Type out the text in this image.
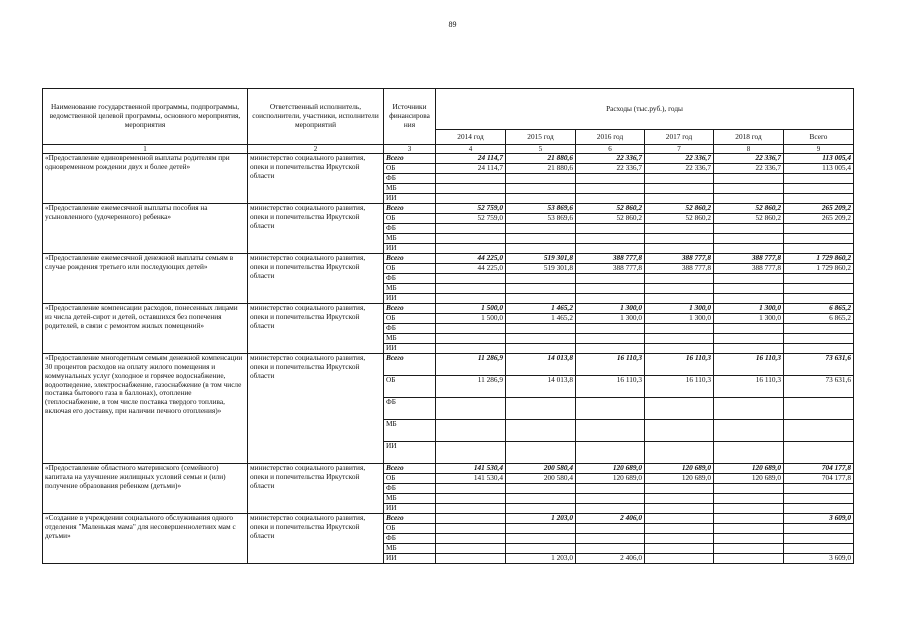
89
Наименование государственной программы, подпрограммы, ведомственной целевой программы, основного мероприятия, мероприятия	Ответственный исполнитель, соисполнители, участники, исполнители мероприятий	Источники финансирова ния	Расходы (тыс.руб.), годы					
			2014 год	2015 год	2016 год	2017 год	2018 год	Всего
1	2	3	4	5	6	7	8	9
«Предоставление единовременной выплаты родителям при одновременном рождении двух и более детей»	министерство социального развития, опеки и попечительства Иркутской области	Всего	24 114,7	21 880,6	22 336,7	22 336,7	22 336,7	113 005,4
		ОБ	24 114,7	21 880,6	22 336,7	22 336,7	22 336,7	113 005,4
		ФБ						
		МБ						
		ИИ						
«Предоставление ежемесячной выплаты пособия на усыновленного (удочеренного) ребенка»	министерство социального развития, опеки и попечительства Иркутской области	Всего	52 759,0	53 869,6	52 860,2	52 860,2	52 860,2	265 209,2
		ОБ	52 759,0	53 869,6	52 860,2	52 860,2	52 860,2	265 209,2
		ФБ						
		МБ						
		ИИ						
«Предоставление ежемесячной денежной выплаты семьям в случае рождения третьего или последующих детей»	министерство социального развития, опеки и попечительства Иркутской области	Всего	44 225,0	519 301,8	388 777,8	388 777,8	388 777,8	1 729 860,2
		ОБ	44 225,0	519 301,8	388 777,8	388 777,8	388 777,8	1 729 860,2
		ФБ						
		МБ						
		ИИ						
«Предоставление компенсации расходов, понесенных лицами из числа детей-сирот и детей, оставшихся без попечения родителей, в связи с ремонтом жилых помещений»	министерство социального развития, опеки и попечительства Иркутской области	Всего	1 500,0	1 465,2	1 300,0	1 300,0	1 300,0	6 865,2
		ОБ	1 500,0	1 465,2	1 300,0	1 300,0	1 300,0	6 865,2
		ФБ						
		МБ						
		ИИ						
«Предоставление многодетным семьям денежной компенсации 30 процентов расходов на оплату жилого помещения и коммунальных услуг (холодное и горячее водоснабжение, водоотведение, электроснабжение, газоснабжение (в том числе поставка бытового газа в баллонах), отопление (теплоснабжение, в том числе поставка твердого топлива, включая его доставку, при наличии печного отопления)»	министерство социального развития, опеки и попечительства Иркутской области	Всего	11 286,9	14 013,8	16 110,3	16 110,3	16 110,3	73 631,6
		ОБ	11 286,9	14 013,8	16 110,3	16 110,3	16 110,3	73 631,6
		ФБ						
		МБ						
		ИИ						
«Предоставление областного материнского (семейного) капитала на улучшение жилищных условий семьи и (или) получение образования ребенком (детьми)»	министерство социального развития, опеки и попечительства Иркутской области	Всего	141 530,4	200 580,4	120 689,0	120 689,0	120 689,0	704 177,8
		ОБ	141 530,4	200 580,4	120 689,0	120 689,0	120 689,0	704 177,8
		ФБ						
		МБ						
		ИИ						
«Создание в учреждении социального обслуживания одного отделения "Маленькая мама" для несовершеннолетних мам с детьми»	министерство социального развития, опеки и попечительства Иркутской области	Всего		1 203,0	2 406,0			3 609,0
		ОБ						
		ФБ						
		МБ						
		ИИ		1 203,0	2 406,0			3 609,0
